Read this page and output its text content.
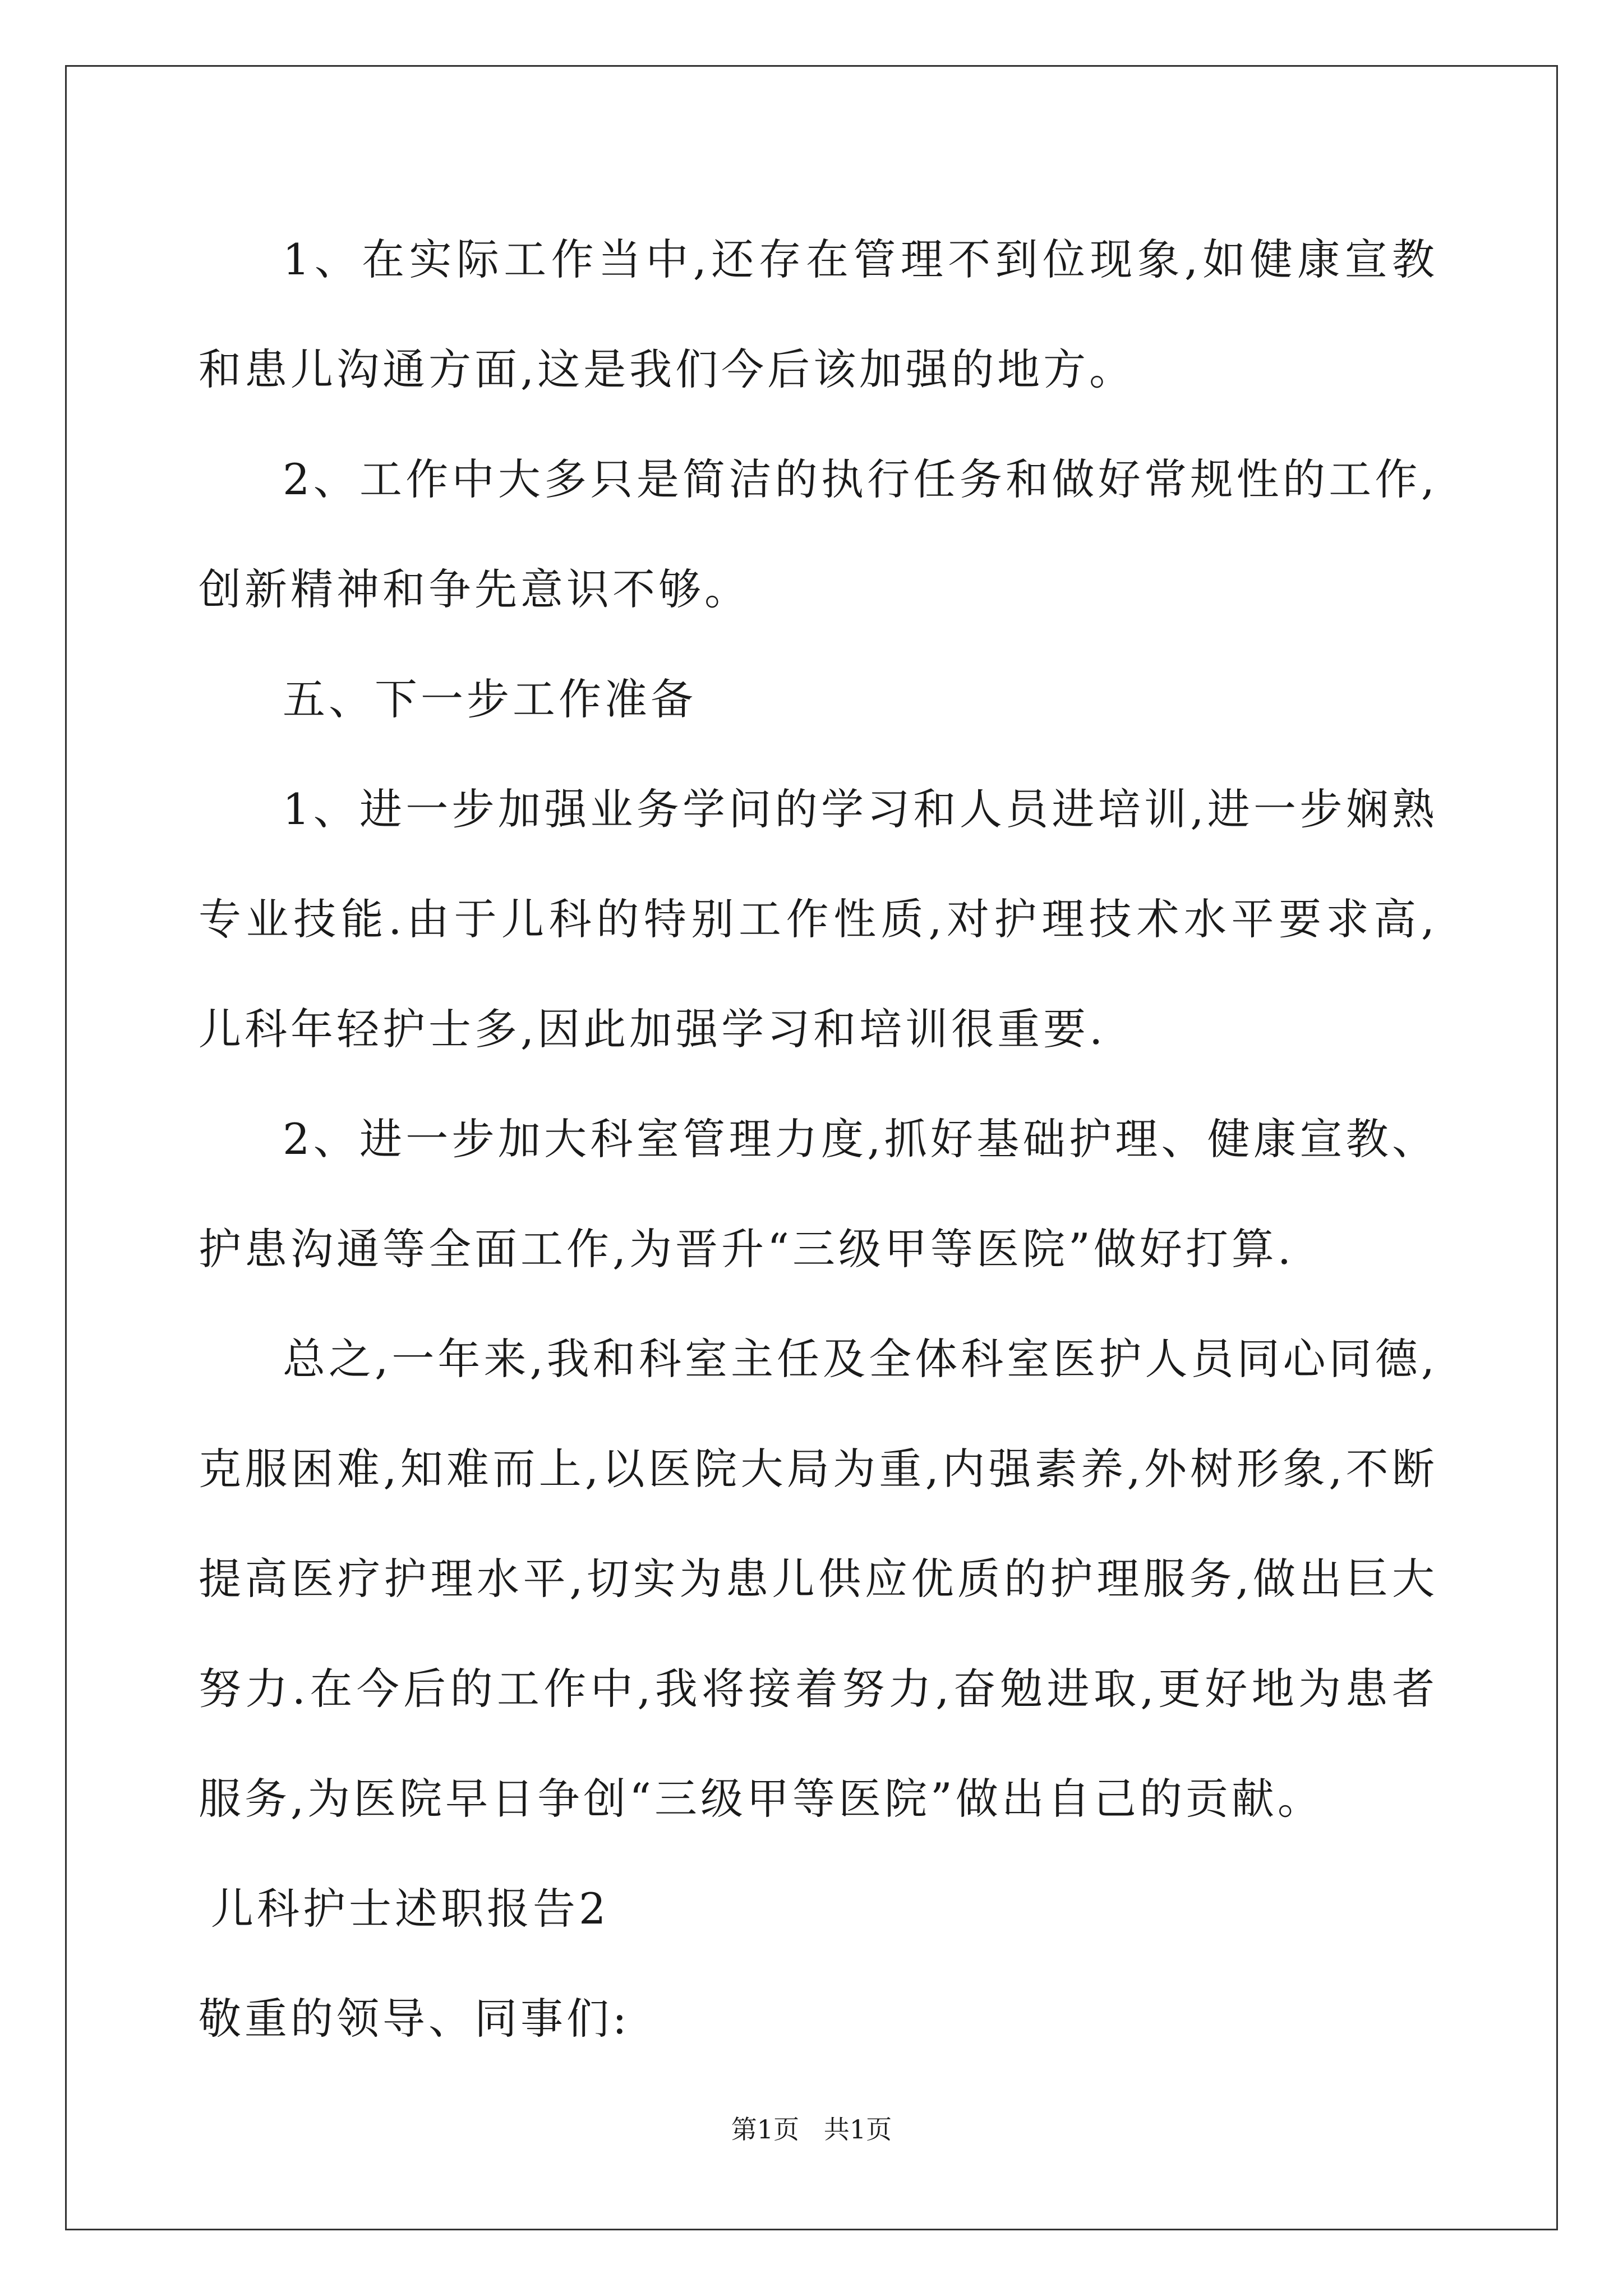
1、在实际工作当中,还存在管理不到位现象,如健康宣教和患儿沟通方面,这是我们今后该加强的地方。

2、工作中大多只是简洁的执行任务和做好常规性的工作,创新精神和争先意识不够。

五、下一步工作准备

1、进一步加强业务学问的学习和人员进培训,进一步娴熟专业技能.由于儿科的特别工作性质,对护理技术水平要求高,儿科年轻护士多,因此加强学习和培训很重要.

2、进一步加大科室管理力度,抓好基础护理、健康宣教、护患沟通等全面工作,为晋升“三级甲等医院”做好打算.

总之,一年来,我和科室主任及全体科室医护人员同心同德,克服困难,知难而上,以医院大局为重,内强素养,外树形象,不断提高医疗护理水平,切实为患儿供应优质的护理服务,做出巨大努力.在今后的工作中,我将接着努力,奋勉进取,更好地为患者服务,为医院早日争创“三级甲等医院”做出自己的贡献。

儿科护士述职报告2

敬重的领导、同事们:

第1页   共1页
